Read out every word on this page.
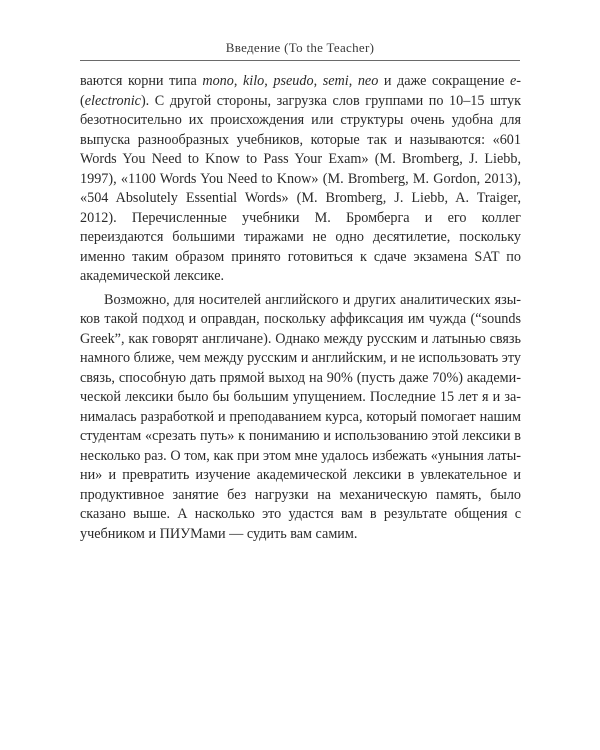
Введение (To the Teacher)

ваются корни типа mono, kilo, pseudo, semi, neo и даже сокращение e- (electronic). С другой стороны, загрузка слов группами по 10–15 штук безотносительно их происхождения или структуры очень удобна для выпуска разнообразных учебников, которые так и называются: «601 Words You Need to Know to Pass Your Exam» (M. Bromberg, J. Liebb, 1997), «1100 Words You Need to Know» (M. Bromberg, M. Gordon, 2013), «504 Absolutely Essential Words» (M. Bromberg, J. Liebb, A. Traiger, 2012). Перечисленные учебники М. Бромберга и его коллег переиздаются большими тиражами не одно десятилетие, поскольку именно таким образом принято готовиться к сдаче экзамена SAT по академической лексике.

Возможно, для носителей английского и других аналитических языков такой подход и оправдан, поскольку аффиксация им чужда (“sounds Greek”, как говорят англичане). Однако между русским и латынью связь намного ближе, чем между русским и английским, и не использовать эту связь, способную дать прямой выход на 90% (пусть даже 70%) академической лексики было бы большим упущением. Последние 15 лет я и занималась разработкой и преподаванием курса, который помогает нашим студентам «срезать путь» к пониманию и использованию этой лексики в несколько раз. О том, как при этом мне удалось избежать «уныния латыни» и превратить изучение академической лексики в увлекательное и продуктивное занятие без нагрузки на механическую память, было сказано выше. А насколько это удастся вам в результате общения с учебником и ПИУМами — судить вам самим.
